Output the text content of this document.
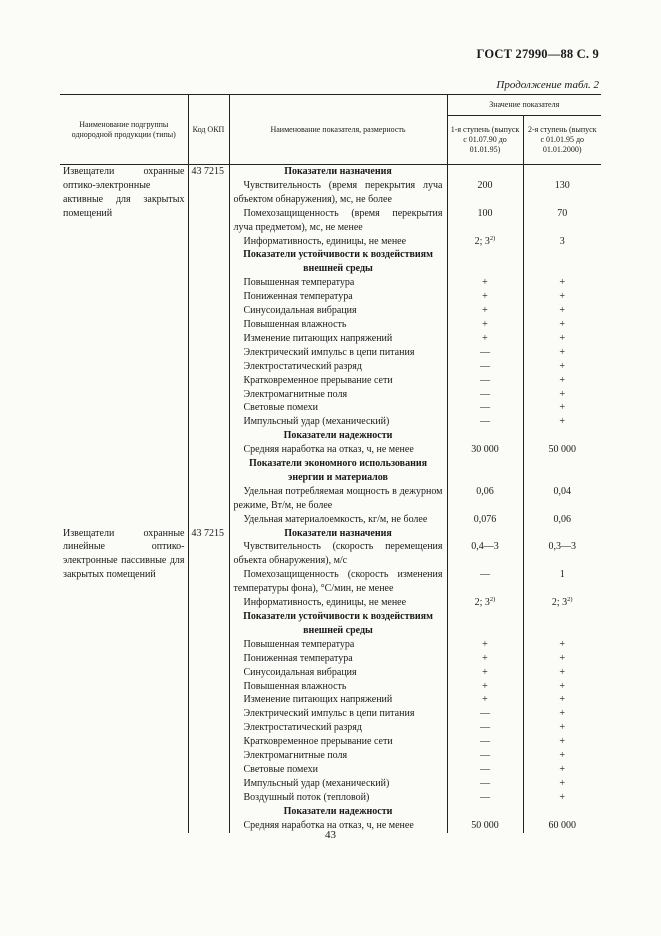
ГОСТ 27990—88 С. 9
Продолжение табл. 2
Наименование подгруппы однородной продукции (типы)	Код ОКП	Наименование показателя, размерность	Значение показателя	
			1-я ступень (выпуск с 01.07.90 до 01.01.95)	2-я ступень (выпуск с 01.01.95 до 01.01.2000)
Извещатели охранные оптико-электронные активные для закрытых помещений	43 7215	Показатели назначения		
		Чувствительность (время перекрытия луча объектом обнаружения), мс, не более	200	130
		Помехозащищенность (время перекрытия луча предметом), мс, не менее	100	70
		Информативность, единицы, не менее	2; 3$^{2)}$	3
		Показатели устойчивости к воздействиям внешней среды		
		Повышенная температура	+	+
		Пониженная температура	+	+
		Синусоидальная вибрация	+	+
		Повышенная влажность	+	+
		Изменение питающих напряжений	+	+
		Электрический импульс в цепи питания	—	+
		Электростатический разряд	—	+
		Кратковременное прерывание сети	—	+
		Электромагнитные поля	—	+
		Световые помехи	—	+
		Импульсный удар (механический)	—	+
		Показатели надежности		
		Средняя наработка на отказ, ч, не менее	30 000	50 000
		Показатели экономного использования энергии и материалов		
		Удельная потребляемая мощность в дежурном режиме, Вт/м, не более	0,06	0,04
		Удельная материалоемкость, кг/м, не более	0,076	0,06
Извещатели охранные линейные оптико-электронные пассивные для закрытых помещений	43 7215	Показатели назначения		
		Чувствительность (скорость перемещения объекта обнаружения), м/с	0,4—3	0,3—3
		Помехозащищенность (скорость изменения температуры фона), °С/мин, не менее	—	1
		Информативность, единицы, не менее	2; 3$^{2)}$	2; 3$^{2)}$
		Показатели устойчивости к воздействиям внешней среды		
		Повышенная температура	+	+
		Пониженная температура	+	+
		Синусоидальная вибрация	+	+
		Повышенная влажность	+	+
		Изменение питающих напряжений	+	+
		Электрический импульс в цепи питания	—	+
		Электростатический разряд	—	+
		Кратковременное прерывание сети	—	+
		Электромагнитные поля	—	+
		Световые помехи	—	+
		Импульсный удар (механический)	—	+
		Воздушный поток (тепловой)	—	+
		Показатели надежности		
		Средняя наработка на отказ, ч, не менее	50 000	60 000
43
